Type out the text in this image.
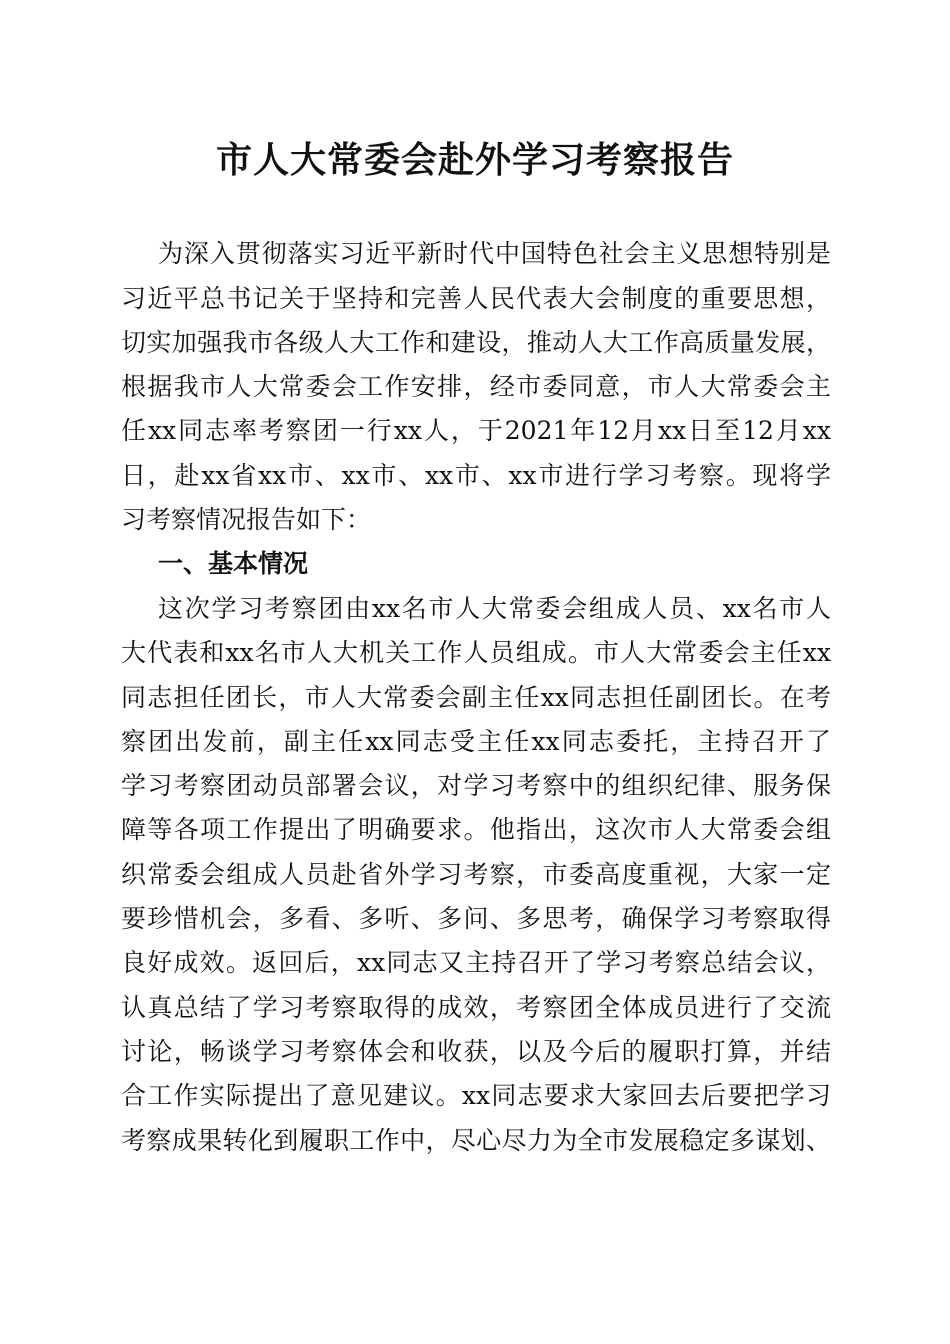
市人大常委会赴外学习考察报告
为深入贯彻落实习近平新时代中国特色社会主义思想特别是
习近平总书记关于坚持和完善人民代表大会制度的重要思想，
切实加强我市各级人大工作和建设，推动人大工作高质量发展，
根据我市人大常委会工作安排，经市委同意，市人大常委会主
任xx同志率考察团一行xx人，于2021年12月xx日至12月xx
日，赴xx省xx市、xx市、xx市、xx市进行学习考察。现将学
习考察情况报告如下：
一、基本情况
这次学习考察团由xx名市人大常委会组成人员、xx名市人
大代表和xx名市人大机关工作人员组成。市人大常委会主任xx
同志担任团长，市人大常委会副主任xx同志担任副团长。在考
察团出发前，副主任xx同志受主任xx同志委托，主持召开了
学习考察团动员部署会议，对学习考察中的组织纪律、服务保
障等各项工作提出了明确要求。他指出，这次市人大常委会组
织常委会组成人员赴省外学习考察，市委高度重视，大家一定
要珍惜机会，多看、多听、多问、多思考，确保学习考察取得
良好成效。返回后，xx同志又主持召开了学习考察总结会议，
认真总结了学习考察取得的成效，考察团全体成员进行了交流
讨论，畅谈学习考察体会和收获，以及今后的履职打算，并结
合工作实际提出了意见建议。xx同志要求大家回去后要把学习
考察成果转化到履职工作中，尽心尽力为全市发展稳定多谋划、
